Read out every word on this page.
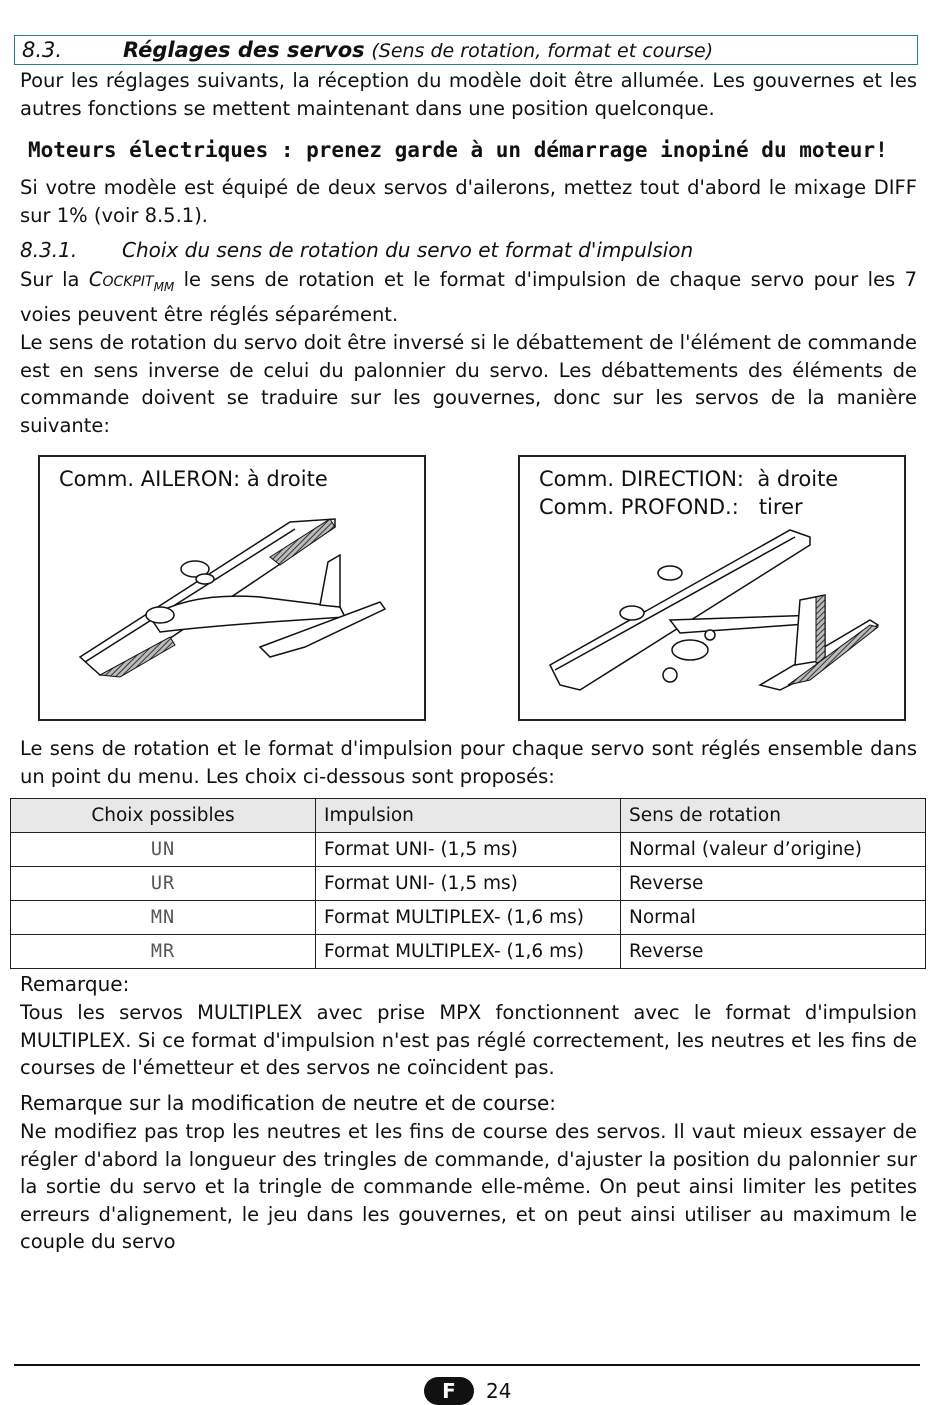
8.3.	Réglages des servos (Sens de rotation, format et course)
Pour les réglages suivants, la réception du modèle doit être allumée. Les gouvernes et les autres fonctions se mettent maintenant dans une position quelconque.
Moteurs électriques : prenez garde à un démarrage inopiné du moteur!
Si votre modèle est équipé de deux servos d'ailerons, mettez tout d'abord le mixage DIFF sur 1% (voir 8.5.1).
8.3.1. Choix du sens de rotation du servo et format d'impulsion
Sur la Cockpit$_{MM}$ le sens de rotation et le format d'impulsion de chaque servo pour les 7 voies peuvent être réglés séparément.
Le sens de rotation du servo doit être inversé si le débattement de l'élément de commande est en sens inverse de celui du palonnier du servo. Les débattements des éléments de commande doivent se traduire sur les gouvernes, donc sur les servos de la manière suivante:
Comm. AILERON: à droite	Comm. DIRECTION:  à droite
Comm. PROFOND.:   tirer
Le sens de rotation et le format d'impulsion pour chaque servo sont réglés ensemble dans un point du menu. Les choix ci-dessous sont proposés:
Choix possibles	Impulsion	Sens de rotation
UN	Format UNI- (1,5 ms)	Normal (valeur d’origine)
UR	Format UNI- (1,5 ms)	Reverse
MN	Format MULTIPLEX- (1,6 ms)	Normal
MR	Format MULTIPLEX- (1,6 ms)	Reverse
Remarque:
Tous les servos MULTIPLEX avec prise MPX fonctionnent avec le format d'impulsion MULTIPLEX. Si ce format d'impulsion n'est pas réglé correctement, les neutres et les fins de courses de l'émetteur et des servos ne coïncident pas.
Remarque sur la modification de neutre et de course:
Ne modifiez pas trop les neutres et les fins de course des servos. Il vaut mieux essayer de régler d'abord la longueur des tringles de commande, d'ajuster la position du palonnier sur la sortie du servo et la tringle de commande elle-même. On peut ainsi limiter les petites erreurs d'alignement, le jeu dans les gouvernes, et on peut ainsi utiliser au maximum le couple du servo
F	24
